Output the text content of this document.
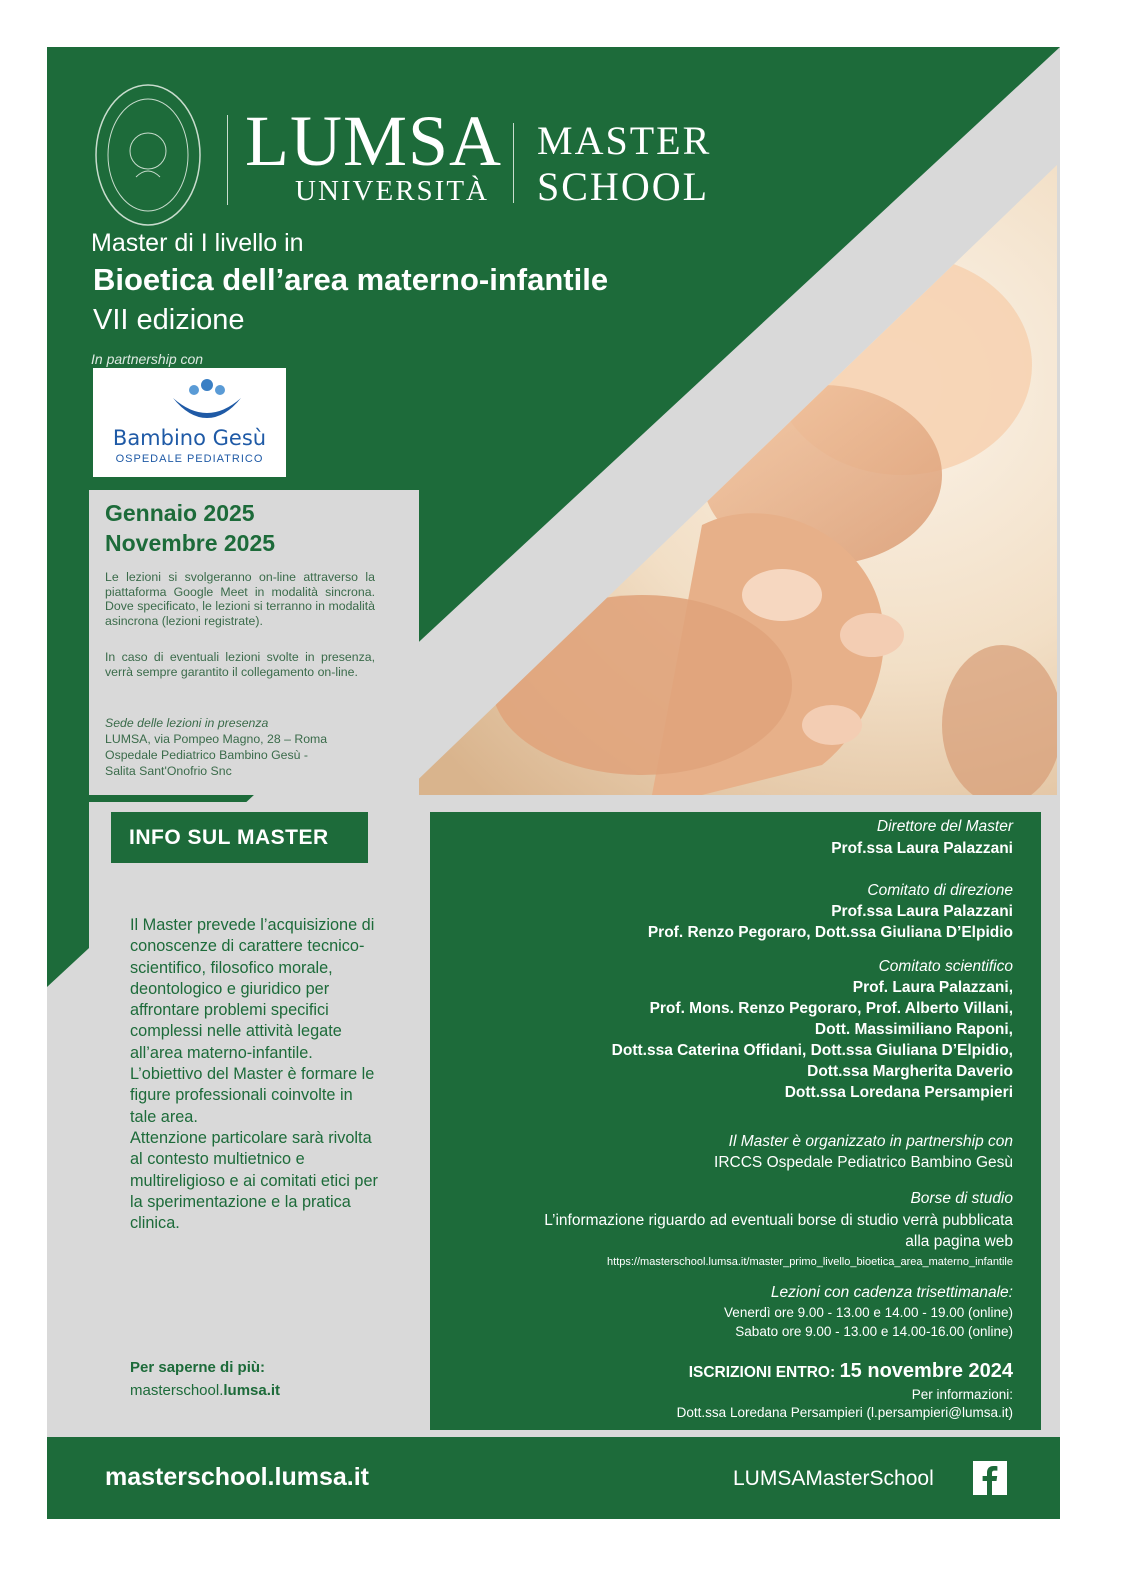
LUMSA
UNIVERSITÀ
MASTER
SCHOOL
Master di I livello in
Bioetica dell’area materno-infantile
VII edizione
In partnership con
Bambino Gesù
OSPEDALE PEDIATRICO
Gennaio 2025
Novembre 2025
Le lezioni si svolgeranno on-line attraverso la piattaforma Google Meet in modalità sincrona. Dove specificato, le lezioni si terranno in modalità asincrona (lezioni registrate).
In caso di eventuali lezioni svolte in presenza, verrà sempre garantito il collegamento on-line.
Sede delle lezioni in presenza
LUMSA, via Pompeo Magno, 28 – Roma
Ospedale Pediatrico Bambino Gesù -
Salita Sant'Onofrio Snc
INFO SUL MASTER
Il Master prevede l’acquisizione di conoscenze di carattere tecnico-scientifico, filosofico morale, deontologico e giuridico per affrontare problemi specifici complessi nelle attività legate all’area materno-infantile.
L’obiettivo del Master è formare le figure professionali coinvolte in tale area.
Attenzione particolare sarà rivolta al contesto multietnico e multireligioso e ai comitati etici per la sperimentazione e la pratica clinica.
Per saperne di più:
masterschool.lumsa.it
Direttore del Master
Prof.ssa Laura Palazzani
Comitato di direzione
Prof.ssa Laura Palazzani
Prof. Renzo Pegoraro, Dott.ssa Giuliana D’Elpidio
Comitato scientifico
Prof. Laura Palazzani,
Prof. Mons. Renzo Pegoraro, Prof. Alberto Villani,
Dott. Massimiliano Raponi,
Dott.ssa Caterina Offidani, Dott.ssa Giuliana D’Elpidio,
Dott.ssa Margherita Daverio
Dott.ssa Loredana Persampieri
Il Master è organizzato in partnership con
IRCCS Ospedale Pediatrico Bambino Gesù
Borse di studio
L’informazione riguardo ad eventuali borse di studio verrà pubblicata
alla pagina web
https://masterschool.lumsa.it/master_primo_livello_bioetica_area_materno_infantile
Lezioni con cadenza trisettimanale:
Venerdì ore 9.00 - 13.00 e 14.00 - 19.00 (online)
Sabato ore 9.00 - 13.00 e 14.00-16.00 (online)
ISCRIZIONI ENTRO: 15 novembre 2024
Per informazioni:
Dott.ssa Loredana Persampieri (l.persampieri@lumsa.it)
masterschool.lumsa.it	LUMSAMasterSchool
